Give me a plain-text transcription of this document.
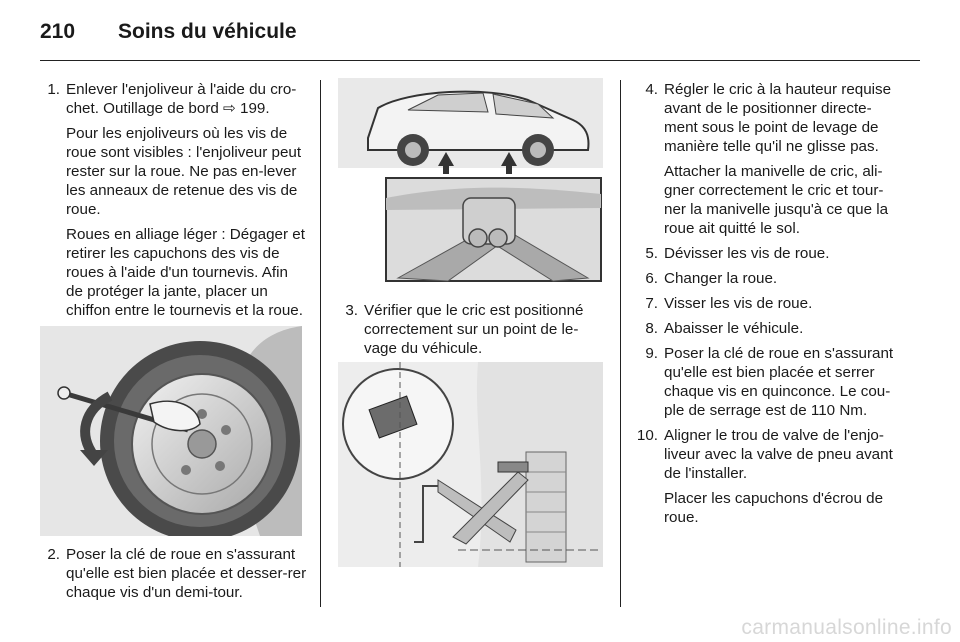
210	Soins du véhicule
1. Enlever l'enjoliveur à l'aide du cro-chet. Outillage de bord ⇨ 199.
Pour les enjoliveurs où les vis de roue sont visibles : l'enjoliveur peut rester sur la roue. Ne pas en-lever les anneaux de retenue des vis de roue.
Roues en alliage léger : Dégager et retirer les capuchons des vis de roues à l'aide d'un tournevis. Afin de protéger la jante, placer un chiffon entre le tournevis et la roue.
2. Poser la clé de roue en s'assurant qu'elle est bien placée et desser-rer chaque vis d'un demi-tour.
3. Vérifier que le cric est positionné correctement sur un point de le-vage du véhicule.
4. Régler le cric à la hauteur requise avant de le positionner directe-ment sous le point de levage de manière telle qu'il ne glisse pas.
Attacher la manivelle de cric, ali-gner correctement le cric et tour-ner la manivelle jusqu'à ce que la roue ait quitté le sol.
5. Dévisser les vis de roue.
6. Changer la roue.
7. Visser les vis de roue.
8. Abaisser le véhicule.
9. Poser la clé de roue en s'assurant qu'elle est bien placée et serrer chaque vis en quinconce. Le cou-ple de serrage est de 110 Nm.
10. Aligner le trou de valve de l'enjo-liveur avec la valve de pneu avant de l'installer.
Placer les capuchons d'écrou de roue.
carmanualsonline.info
